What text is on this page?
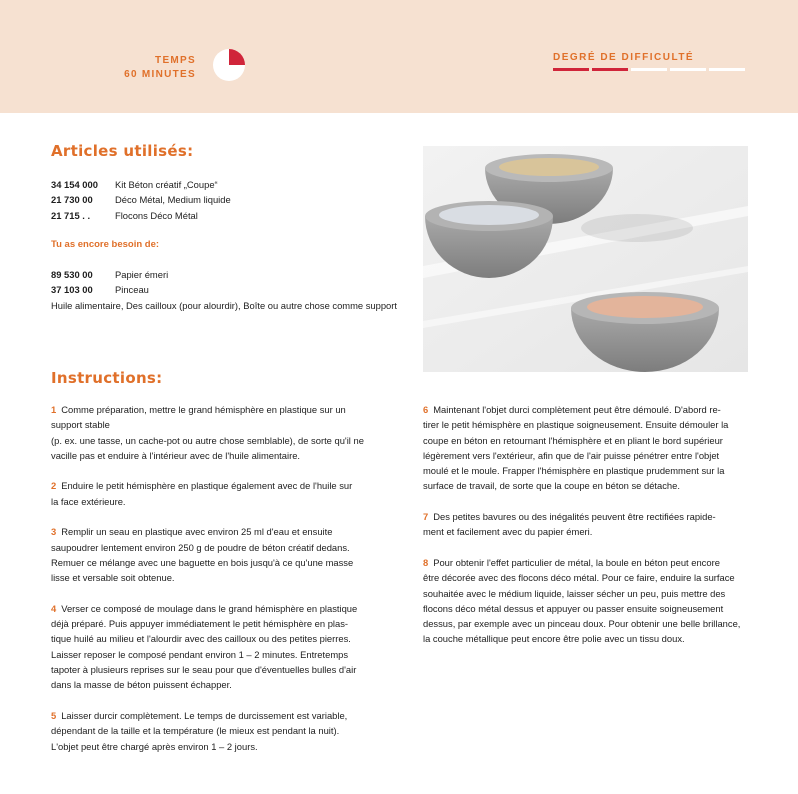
TEMPS
60 MINUTES
DEGRÉ DE DIFFICULTÉ
Articles utilisés:
34 154 000	Kit Béton créatif „Coupe“
21 730 00	Déco Métal, Medium liquide
21 715 . .	Flocons Déco Métal
Tu as encore besoin de:
89 530 00	Papier émeri
37 103 00	Pinceau
Huile alimentaire, Des cailloux (pour alourdir), Boîte ou autre chose comme support
Instructions:
1 Comme préparation, mettre le grand hémisphère en plastique sur un
support stable
(p. ex. une tasse, un cache-pot ou autre chose semblable), de sorte qu'il ne
vacille pas et enduire à l'intérieur avec de l'huile alimentaire.
2 Enduire le petit hémisphère en plastique également avec de l'huile sur
la face extérieure.
3 Remplir un seau en plastique avec environ 25 ml d'eau et ensuite
saupoudrer lentement environ 250 g de poudre de béton créatif dedans.
Remuer ce mélange avec une baguette en bois jusqu'à ce qu'une masse
lisse et versable soit obtenue.
4 Verser ce composé de moulage dans le grand hémisphère en plastique
déjà préparé. Puis appuyer immédiatement le petit hémisphère en plas-
tique huilé au milieu et l'alourdir avec des cailloux ou des petites pierres.
Laisser reposer le composé pendant environ 1 – 2 minutes. Entretemps
tapoter à plusieurs reprises sur le seau pour que d'éventuelles bulles d'air
dans la masse de béton puissent échapper.
5 Laisser durcir complètement. Le temps de durcissement est variable,
dépendant de la taille et la température (le mieux est pendant la nuit).
L'objet peut être chargé après environ 1 – 2 jours.
6 Maintenant l'objet durci complètement peut être démoulé. D'abord re-
tirer le petit hémisphère en plastique soigneusement. Ensuite démouler la
coupe en béton en retournant l'hémisphère et en pliant le bord supérieur
légèrement vers l'extérieur, afin que de l'air puisse pénétrer entre l'objet
moulé et le moule. Frapper l'hémisphère en plastique prudemment sur la
surface de travail, de sorte que la coupe en béton se détache.
7 Des petites bavures ou des inégalités peuvent être rectifiées rapide-
ment et facilement avec du papier émeri.
8 Pour obtenir l'effet particulier de métal, la boule en béton peut encore
être décorée avec des flocons déco métal. Pour ce faire, enduire la surface
souhaitée avec le médium liquide, laisser sécher un peu, puis mettre des
flocons déco métal dessus et appuyer ou passer ensuite soigneusement
dessus, par exemple avec un pinceau doux. Pour obtenir une belle brillance,
la couche métallique peut encore être polie avec un tissu doux.
